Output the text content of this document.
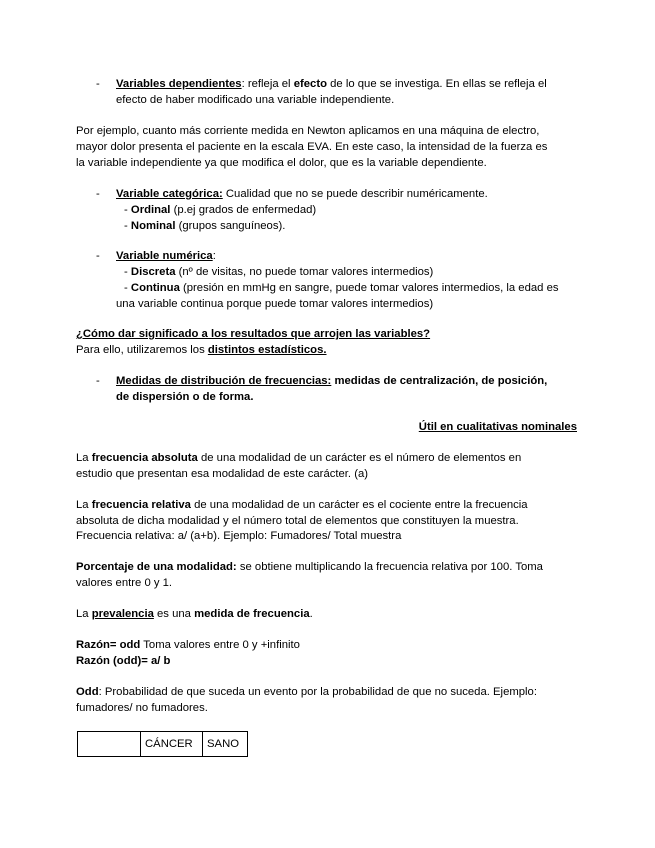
- Variables dependientes: refleja el efecto de lo que se investiga. En ellas se refleja el
efecto de haber modificado una variable independiente.
Por ejemplo, cuanto más corriente medida en Newton aplicamos en una máquina de electro,
mayor dolor presenta el paciente en la escala EVA. En este caso, la intensidad de la fuerza es
la variable independiente ya que modifica el dolor, que es la variable dependiente.
- Variable categórica: Cualidad que no se puede describir numéricamente.
- Ordinal (p.ej grados de enfermedad)
- Nominal (grupos sanguíneos).
- Variable numérica:
- Discreta (nº de visitas, no puede tomar valores intermedios)
- Continua (presión en mmHg en sangre, puede tomar valores intermedios, la edad es
una variable continua porque puede tomar valores intermedios)
¿Cómo dar significado a los resultados que arrojen las variables?
Para ello, utilizaremos los distintos estadísticos.
- Medidas de distribución de frecuencias: medidas de centralización, de posición,
de dispersión o de forma.
Útil en cualitativas nominales
La frecuencia absoluta de una modalidad de un carácter es el número de elementos en
estudio que presentan esa modalidad de este carácter. (a)
La frecuencia relativa de una modalidad de un carácter es el cociente entre la frecuencia
absoluta de dicha modalidad y el número total de elementos que constituyen la muestra.
Frecuencia relativa: a/ (a+b). Ejemplo: Fumadores/ Total muestra
Porcentaje de una modalidad: se obtiene multiplicando la frecuencia relativa por 100. Toma
valores entre 0 y 1.
La prevalencia es una medida de frecuencia.
Razón= odd Toma valores entre 0 y +infinito
Razón (odd)= a/ b
Odd: Probabilidad de que suceda un evento por la probabilidad de que no suceda. Ejemplo:
fumadores/ no fumadores.
	CÁNCER	SANO
